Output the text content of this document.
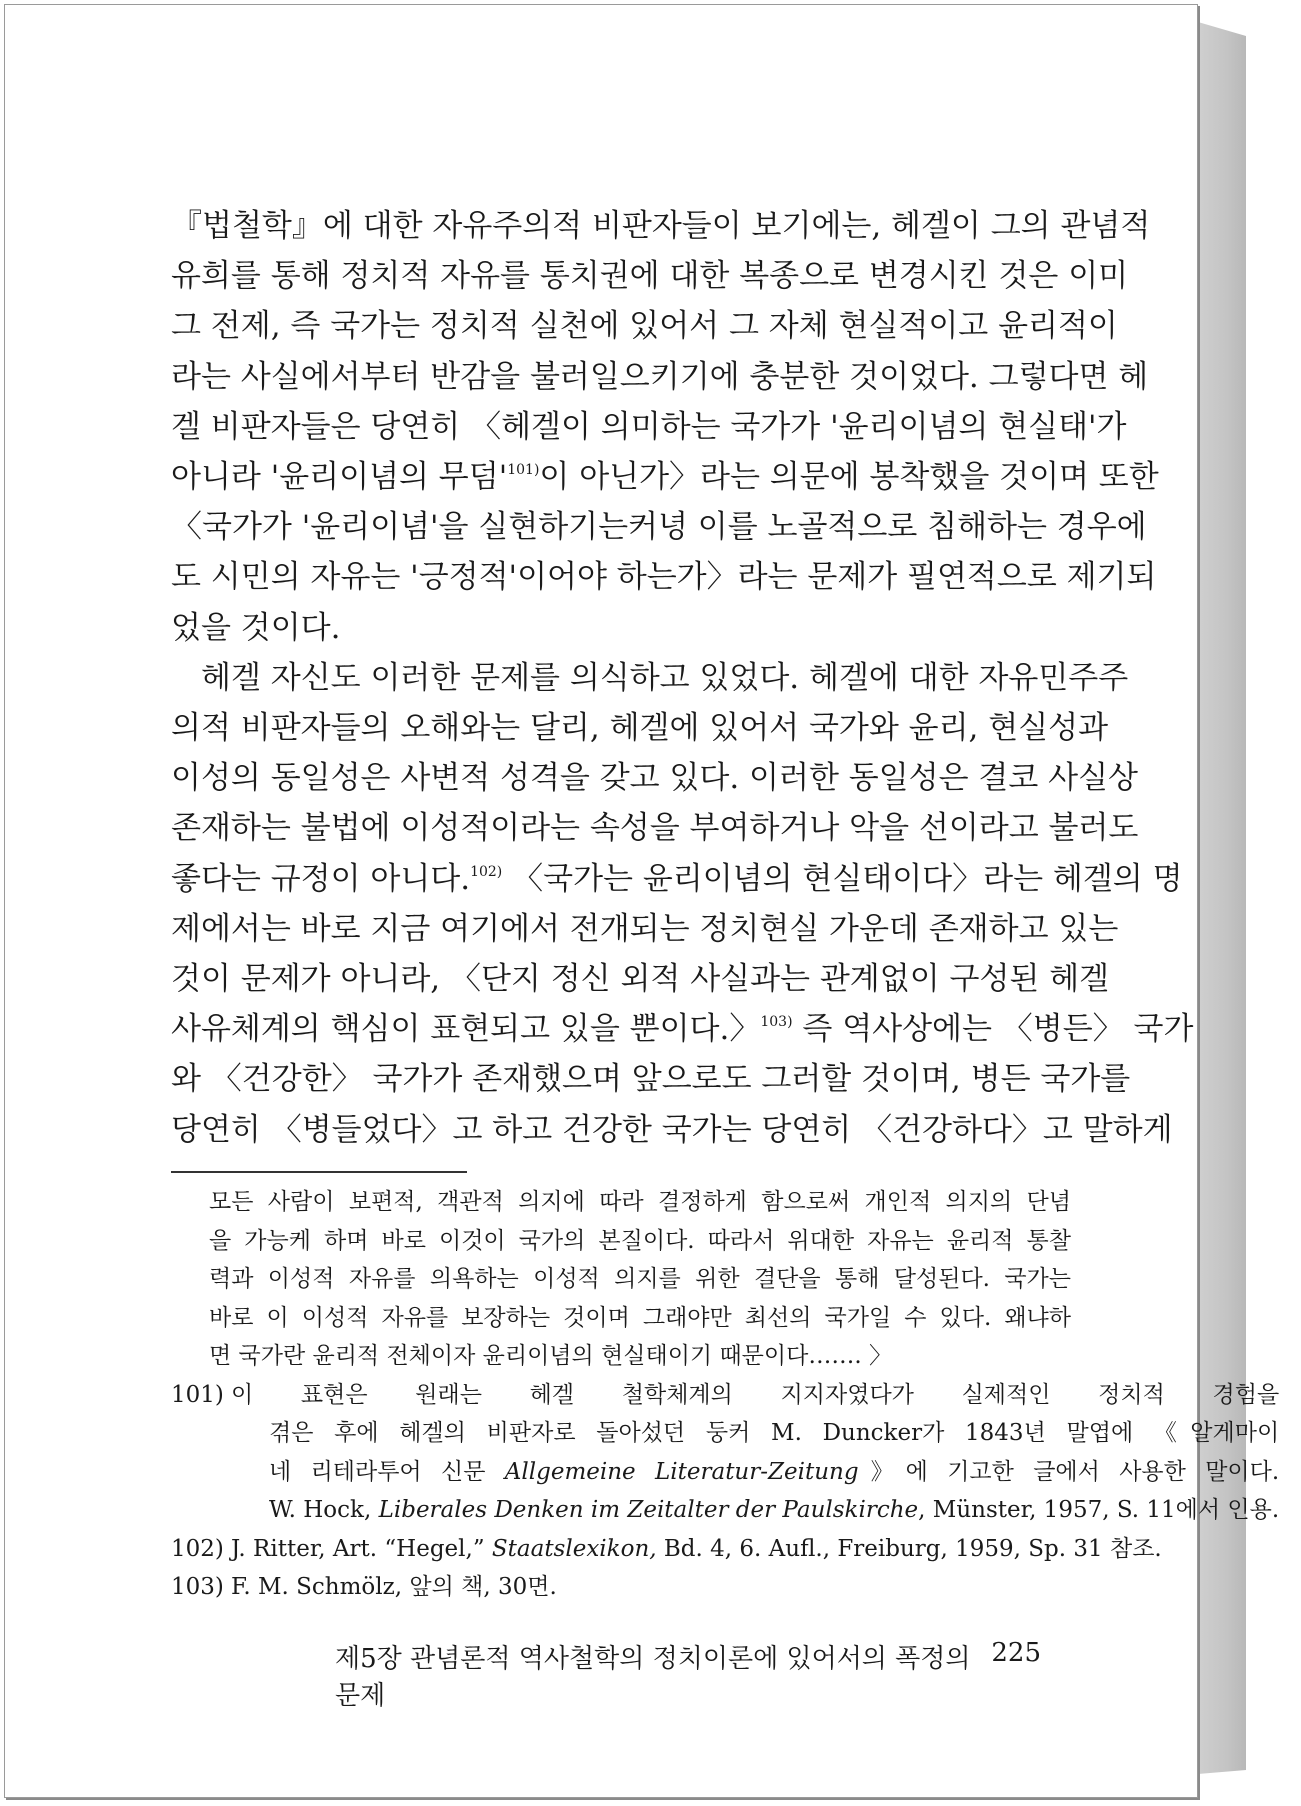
『법철학』에 대한 자유주의적 비판자들이 보기에는, 헤겔이 그의 관념적
유희를 통해 정치적 자유를 통치권에 대한 복종으로 변경시킨 것은 이미
그 전제, 즉 국가는 정치적 실천에 있어서 그 자체 현실적이고 윤리적이
라는 사실에서부터 반감을 불러일으키기에 충분한 것이었다. 그렇다면 헤
겔 비판자들은 당연히 〈헤겔이 의미하는 국가가 '윤리이념의 현실태'가
아니라 '윤리이념의 무덤'$^{101)}$이 아닌가〉라는 의문에 봉착했을 것이며 또한
〈국가가 '윤리이념'을 실현하기는커녕 이를 노골적으로 침해하는 경우에
도 시민의 자유는 '긍정적'이어야 하는가〉라는 문제가 필연적으로 제기되
었을 것이다.
헤겔 자신도 이러한 문제를 의식하고 있었다. 헤겔에 대한 자유민주주
의적 비판자들의 오해와는 달리, 헤겔에 있어서 국가와 윤리, 현실성과
이성의 동일성은 사변적 성격을 갖고 있다. 이러한 동일성은 결코 사실상
존재하는 불법에 이성적이라는 속성을 부여하거나 악을 선이라고 불러도
좋다는 규정이 아니다.$^{102)}$ 〈국가는 윤리이념의 현실태이다〉라는 헤겔의 명
제에서는 바로 지금 여기에서 전개되는 정치현실 가운데 존재하고 있는
것이 문제가 아니라, 〈단지 정신 외적 사실과는 관계없이 구성된 헤겔
사유체계의 핵심이 표현되고 있을 뿐이다.〉$^{103)}$ 즉 역사상에는 〈병든〉 국가
와 〈건강한〉 국가가 존재했으며 앞으로도 그러할 것이며, 병든 국가를
당연히 〈병들었다〉고 하고 건강한 국가는 당연히 〈건강하다〉고 말하게
모든 사람이 보편적, 객관적 의지에 따라 결정하게 함으로써 개인적 의지의 단념
을 가능케 하며 바로 이것이 국가의 본질이다. 따라서 위대한 자유는 윤리적 통찰
력과 이성적 자유를 의욕하는 이성적 의지를 위한 결단을 통해 달성된다. 국가는
바로 이 이성적 자유를 보장하는 것이며 그래야만 최선의 국가일 수 있다. 왜냐하
면 국가란 윤리적 전체이자 윤리이념의 현실태이기 때문이다……. 〉
101) 이 표현은 원래는 헤겔 철학체계의 지지자였다가 실제적인 정치적 경험을
겪은 후에 헤겔의 비판자로 돌아섰던 둥커 M. Duncker가 1843년 말엽에 《알게마이
네 리테라투어 신문 Allgemeine Literatur-Zeitung》에 기고한 글에서 사용한 말이다.
W. Hock, Liberales Denken im Zeitalter der Paulskirche, Münster, 1957, S. 11에서 인용.
102) J. Ritter, Art. “Hegel,” Staatslexikon, Bd. 4, 6. Aufl., Freiburg, 1959, Sp. 31 참조.
103) F. M. Schmölz, 앞의 책, 30면.
제5장 관념론적 역사철학의 정치이론에 있어서의 폭정의 문제
225
